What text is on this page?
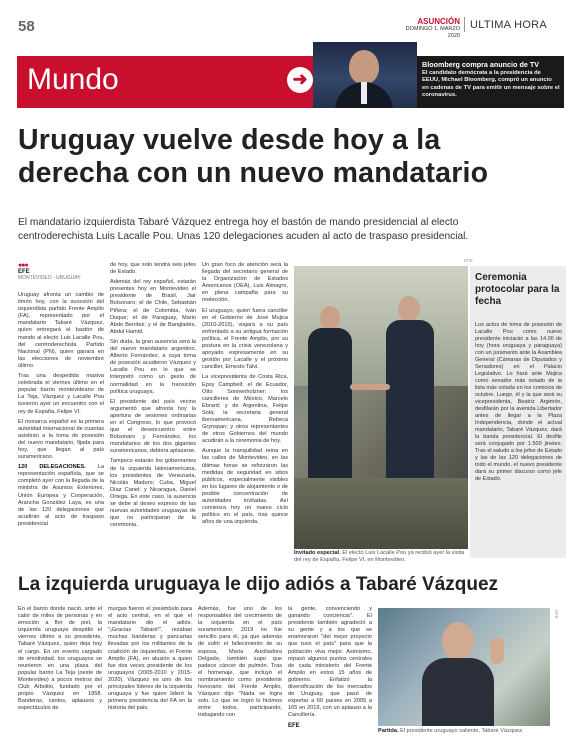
58	ASUNCIÓN
DOMINGO 1, MARZO 2020
ULTIMA HORA
Mundo	➜
Bloomberg compra anuncio de TV
El candidato demócrata a la presidencia de EEUU, Michael Bloomberg, compró un anuncio en cadenas de TV para emitir un mensaje sobre el coronavirus.
Uruguay vuelve desde hoy a la
derecha con un nuevo mandatario
El mandatario izquierdista Tabaré Vázquez entrega hoy el bastón de mando presidencial al electo
centroderechista Luis Lacalle Pou. Unas 120 delegaciones acuden al acto de traspaso presidencial.
●●●
EFE
MONTEVIDEO - URUGUAY

Uruguay afronta un cambio de timón hoy, con la sucesión del izquierdista partido Frente Amplio (FA), representado por el mandatario Tabaré Vázquez, quien entregará el bastón de mando al electo Luis Lacalle Pou, del centroderechista Partido Nacional (PN), quien ganara en las elecciones de noviembre último.

Tras una despedida masiva celebrada el viernes último en el popular barrio montevideano de La Teja, Vázquez y Lacalle Pou tuvieron ayer un encuentro con el rey de España, Felipe VI.

El monarca español es la primera autoridad internacional de cuantas asistirán a la toma de posesión del nuevo mandatario, fijada para hoy, que llegan al país suramericano.

120 DELEGACIONES. La representación española, que se completó ayer con la llegada de la ministra de Asuntos Exteriores, Unión Europea y Cooperación, Arancha González Laya, es una de las 120 delegaciones que acudirán al acto de traspaso presidencial

de hoy, que solo tendrá seis jefes de Estado.

Además del rey español, estarán presentes hoy en Montevideo el presidente de Brasil, Jair Bolsonaro; el de Chile, Sebastián Piñera; el de Colombia, Iván Duque; el de Paraguay, Mario Abdo Benítez; y el de Bangladés, Abdul Hamid.

Sin duda, la gran ausencia será la del nuevo mandatario argentino, Alberto Fernández, a cuya toma de posesión acudieron Vázquez y Lacalle Pou en lo que se interpretó como un gesto de normalidad en la transición política uruguaya.

El presidente del país vecino argumentó que afronta hoy la apertura de sesiones ordinarias en el Congreso, lo que provocó que el desencuentro entre Bolsonaro y Fernández, los mandatarios de los dos gigantes suramericanos, debiera aplazarse.

Tampoco estarán los gobernantes de la izquierda latinoamericana, los presidentes de Venezuela, Nicolás Maduro; Cuba, Miguel Díaz Canel; y Nicaragua, Daniel Ortega. En este caso, la ausencia se debe al deseo expreso de las nuevas autoridades uruguayas de que no participaran de la ceremonia.

Un gran foco de atención será la llegada del secretario general de la Organización de Estados Americanos (OEA), Luis Almagro, en plena campaña para su reelección.

El uruguayo, quien fuera canciller en el Gobierno de José Mujica (2010-2015), viajará a su país enfrentado a su antigua formación política, el Frente Amplio, por su postura en la crisis venezolana y apoyado expresamente en su gestión por Lacalle y el próximo canciller, Ernesto Talvi.

La vicepresidenta de Costa Rica, Epsy Campbell; el de Ecuador, Otto Sonnenholzner; los cancilleres de México, Marcelo Ebrard; y de Argentina, Felipe Solá; la secretaria general iberoamericana, Rebeca Grynspan; y otros representantes de otros Gobiernos del mundo acudirán a la ceremonia de hoy.

Aunque la tranquilidad reina en las calles de Montevideo, en las últimas horas se reforzaron las medidas de seguridad en sitios públicos, especialmente visibles en los lugares de alojamiento o de posible concentración de autoridades invitadas. Así comienza hoy un nuevo ciclo político en el país, tras quince años de una izquierda.

EFE
Invitado especial. El electo Luis Lacalle Pou ya recibió ayer la visita del rey de España, Felipe VI, en Montevideo.
Ceremonia protocolar para la fecha
Los actos de toma de posesión de Lacalle Pou como nuevo presidente iniciarán a las 14.00 de hoy (hora uruguaya y paraguaya) con un juramento ante la Asamblea General (Cámaras de Diputados y Senadores) en el Palacio Legislativo. Lo hará ante Mujica como senador más votado de la lista más votada en los comicios de octubre. Luego, él y la que será su vicepresidenta, Beatriz Argimón, desfilarán por la avenida Libertador antes de llegar a la Plaza Independencia, donde el actual mandatario, Tabaré Vázquez, dará la banda presidencial. El desfile será conjugado por 1.500 jinetes. Tras el saludo a los jefes de Estado y las de las 120 delegaciones de todo el mundo, el nuevo presidente dará su primer discurso como jefe de Estado.
La izquierda uruguaya le dijo adiós a Tabaré Vázquez

En el barrio donde nació, ante el calor de miles de personas y en emoción a flor de piel, la izquierda uruguaya despidió el viernes último a su presidente, Tabaré Vázquez, quien deja hoy el cargo. En un evento cargado de emotividad, los uruguayos se reunieron en una plaza del popular barrio La Teja (oeste de Montevideo) a pocos metros del Club Arbolito, fundado por el propio Vázquez en 1958. Banderas, cantos, aplausos y espectáculos de

murgas fueron el preámbulo para el acto central, en el que el mandatario dio el adiós. "¡Gracias Tabaré!", rezaban muchas banderas y pancartas llevadas por los militantes de la coalición de izquierdas, el Frente Amplio (FA), en alusión a quien fue dos veces presidente de los uruguayos (2005-2010 y 2015-2020). Vázquez es uno de los principales líderes de la izquierda uruguaya y fue quien lideró la primera presidencia del FA en la historia del país.

Además, fue uno de los responsables del crecimiento de la izquierda en el país suramericano. 2019 no fue sencillo para él, ya que además de sufrir el fallecimiento de su esposa, María Auxiliadora Delgado, también supo que padece cáncer de pulmón. Tras el homenaje, que incluyó el nombramiento como presidente honorario del Frente Amplio, Vázquez dijo: "Nada se logra solo. Lo que se logró lo hicimos entre todos, participando, trabajando con

la gente, convenciendo y ganando conciencia". El presidente también agradeció a su gente y a los que se enamoraron "del mejor proyecto que tuvo el país" para que la población viva mejor. Asimismo, repasó algunos puntos centrales de cada ministerio del Frente Amplio en estos 15 años de gobierno. Enfatizó la diversificación de los mercados de Uruguay, que pasó de exportar a 60 países en 2005 a 165 en 2019, con un aplauso a la Cancillería.

EFE
EFE
Partida. El presidente uruguayo saliente, Tabaré Vázquez.
